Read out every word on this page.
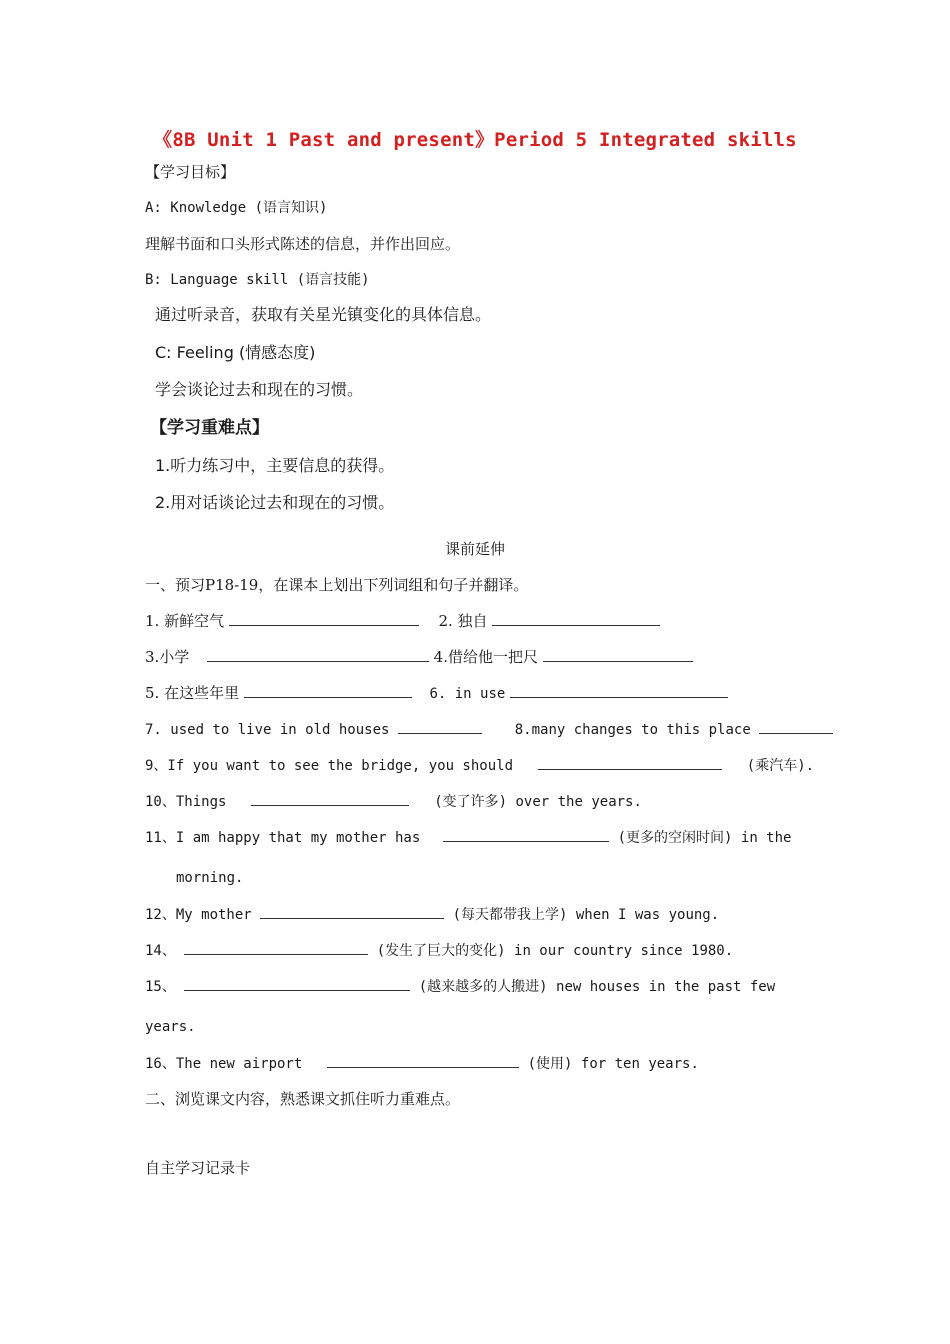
《8B Unit 1 Past and present》Period 5 Integrated skills
【学习目标】
A: Knowledge (语言知识)
理解书面和口头形式陈述的信息，并作出回应。
B: Language skill (语言技能)
通过听录音，获取有关星光镇变化的具体信息。
C: Feeling (情感态度)
学会谈论过去和现在的习惯。
【学习重难点】
1.听力练习中，主要信息的获得。
2.用对话谈论过去和现在的习惯。
课前延伸
一、预习P18-19，在课本上划出下列词组和句子并翻译。
1. 新鲜空气	2. 独自
3.小学	4.借给他一把尺
5. 在这些年里	6. in use
7. used to live in old houses	8.many changes to this place
9、If you want to see the bridge, you should	(乘汽车).
10、Things	(变了许多) over the years.
11、I am happy that my mother has	(更多的空闲时间) in the
morning.
12、My mother	(每天都带我上学) when I was young.
14、	(发生了巨大的变化) in our country since 1980.
15、	(越来越多的人搬进) new houses in the past few
years.
16、The new airport	(使用) for ten years.
二、浏览课文内容，熟悉课文抓住听力重难点。
自主学习记录卡
